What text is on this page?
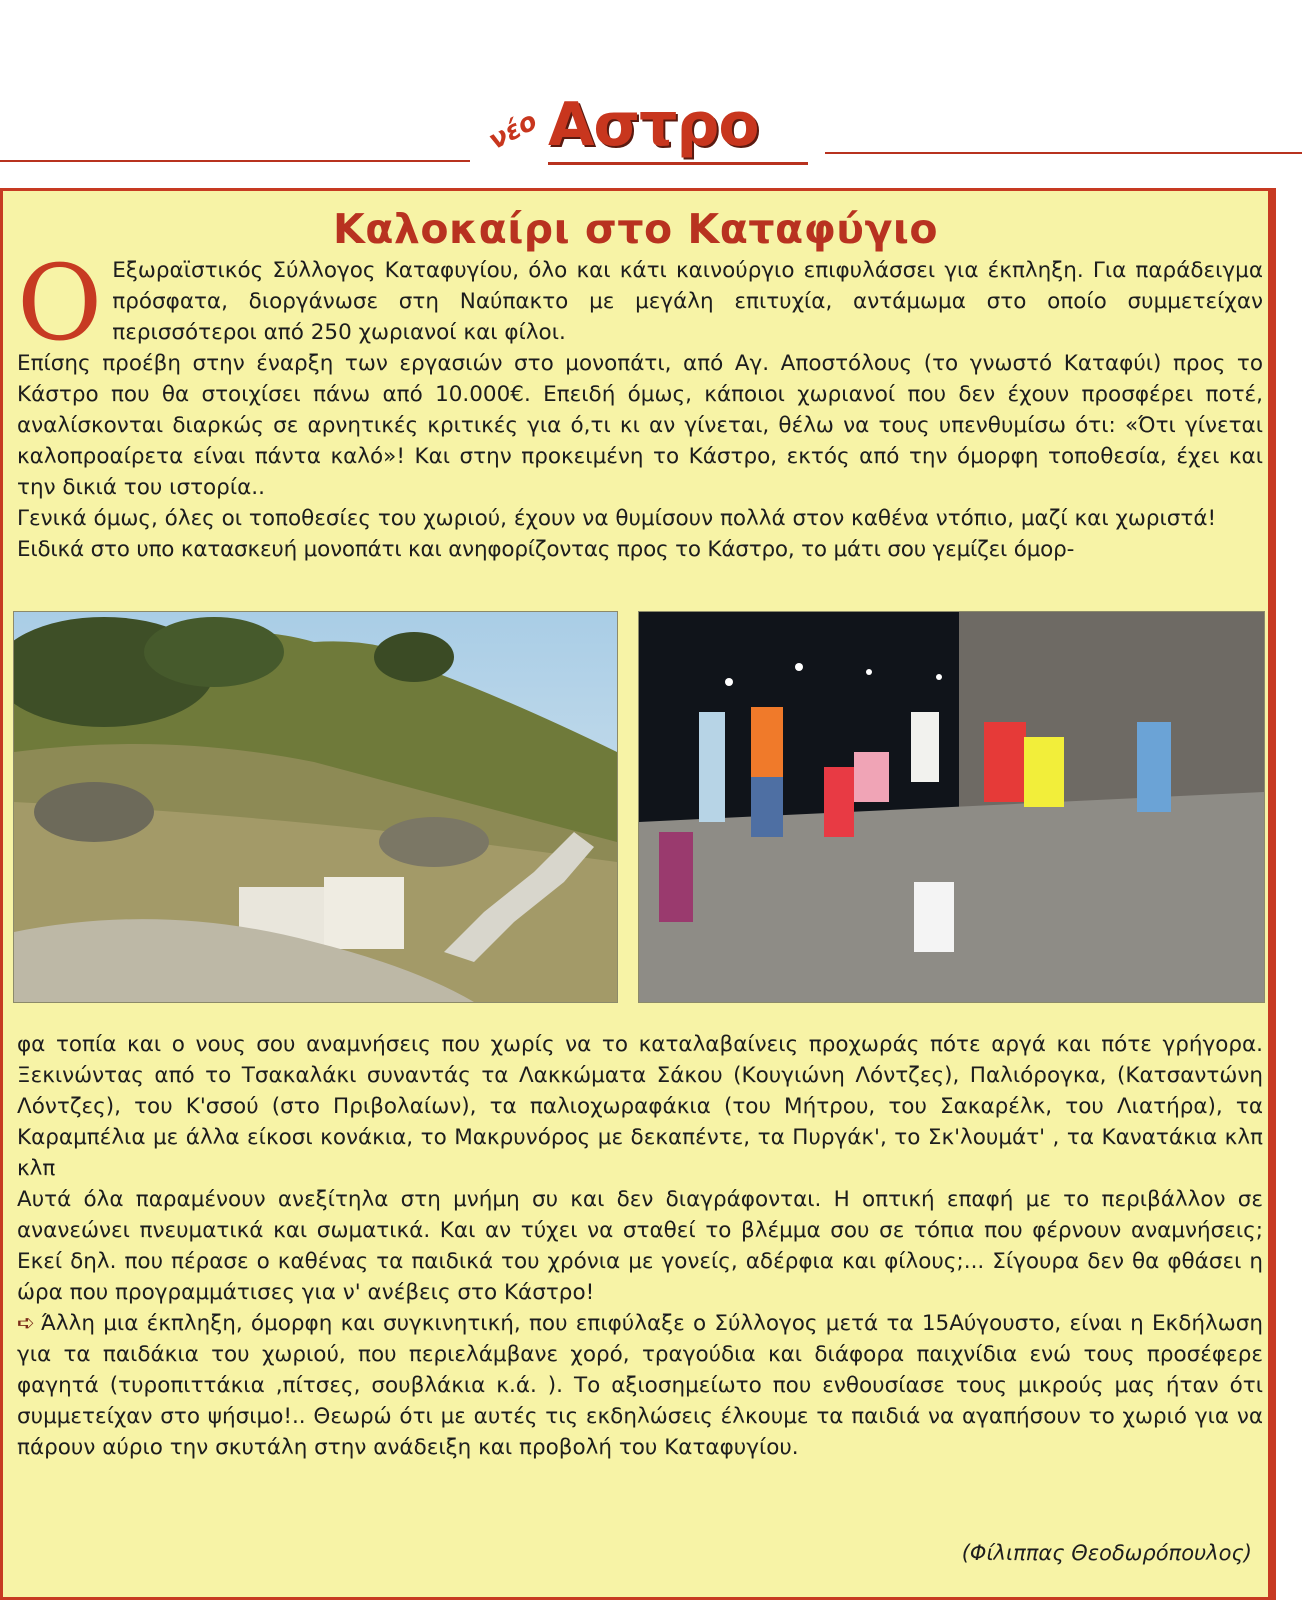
νέο Αστρο
Καλοκαίρι στο Καταφύγιο

Ο Εξωραϊστικός Σύλλογος Καταφυγίου, όλο και κάτι καινούργιο επιφυλάσσει για έκπληξη. Για παράδειγμα πρόσφατα, διοργάνωσε στη Ναύπακτο με μεγάλη επιτυχία, αντάμωμα στο οποίο συμμετείχαν περισσότεροι από 250 χωριανοί και φίλοι.

Επίσης προέβη στην έναρξη των εργασιών στο μονοπάτι, από Αγ. Αποστόλους (το γνωστό Καταφύι) προς το Κάστρο που θα στοιχίσει πάνω από 10.000€. Επειδή όμως, κάποιοι χωριανοί που δεν έχουν προσφέρει ποτέ, αναλίσκονται διαρκώς σε αρνητικές κριτικές για ό,τι κι αν γίνεται, θέλω να τους υπενθυμίσω ότι: «Ότι γίνεται καλοπροαίρετα είναι πάντα καλό»! Και στην προκειμένη το Κάστρο, εκτός από την όμορφη τοποθεσία, έχει και την δικιά του ιστορία..

Γενικά όμως, όλες οι τοποθεσίες του χωριού, έχουν να θυμίσουν πολλά στον καθένα ντόπιο, μαζί και χωριστά!

Ειδικά στο υπο κατασκευή μονοπάτι και ανηφορίζοντας προς το Κάστρο, το μάτι σου γεμίζει όμορ-

φα τοπία και ο νους σου αναμνήσεις που χωρίς να το καταλαβαίνεις προχωράς πότε αργά και πότε γρήγορα. Ξεκινώντας από το Τσακαλάκι συναντάς τα Λακκώματα Σάκου (Κουγιώνη Λόντζες), Παλιόρογκα, (Κατσαντώνη Λόντζες), του Κ'σσού (στο Πριβολαίων), τα παλιοχωραφάκια (του Μήτρου, του Σακαρέλκ, του Λιατήρα), τα Καραμπέλια με άλλα είκοσι κονάκια, το Μακρυνόρος με δεκαπέντε, τα Πυργάκ', το Σκ'λουμάτ' , τα Κανατάκια κλπ κλπ

Αυτά όλα παραμένουν ανεξίτηλα στη μνήμη συ και δεν διαγράφονται. Η οπτική επαφή με το περιβάλλον σε ανανεώνει πνευματικά και σωματικά. Και αν τύχει να σταθεί το βλέμμα σου σε τόπια που φέρνουν αναμνήσεις; Εκεί δηλ. που πέρασε ο καθένας τα παιδικά του χρόνια με γονείς, αδέρφια και φίλους;... Σίγουρα δεν θα φθάσει η ώρα που προγραμμάτισες για ν' ανέβεις στο Κάστρο!

➪ Άλλη μια έκπληξη, όμορφη και συγκινητική, που επιφύλαξε ο Σύλλογος μετά τα 15Αύγουστο, είναι η Εκδήλωση για τα παιδάκια του χωριού, που περιελάμβανε χορό, τραγούδια και διάφορα παιχνίδια ενώ τους προσέφερε φαγητά (τυροπιττάκια ,πίτσες, σουβλάκια κ.ά. ). Το αξιοσημείωτο που ενθουσίασε τους μικρούς μας ήταν ότι συμμετείχαν στο ψήσιμο!.. Θεωρώ ότι με αυτές τις εκδηλώσεις έλκουμε τα παιδιά να αγαπήσουν το χωριό για να πάρουν αύριο την σκυτάλη στην ανάδειξη και προβολή του Καταφυγίου.

(Φίλιππας Θεοδωρόπουλος)
